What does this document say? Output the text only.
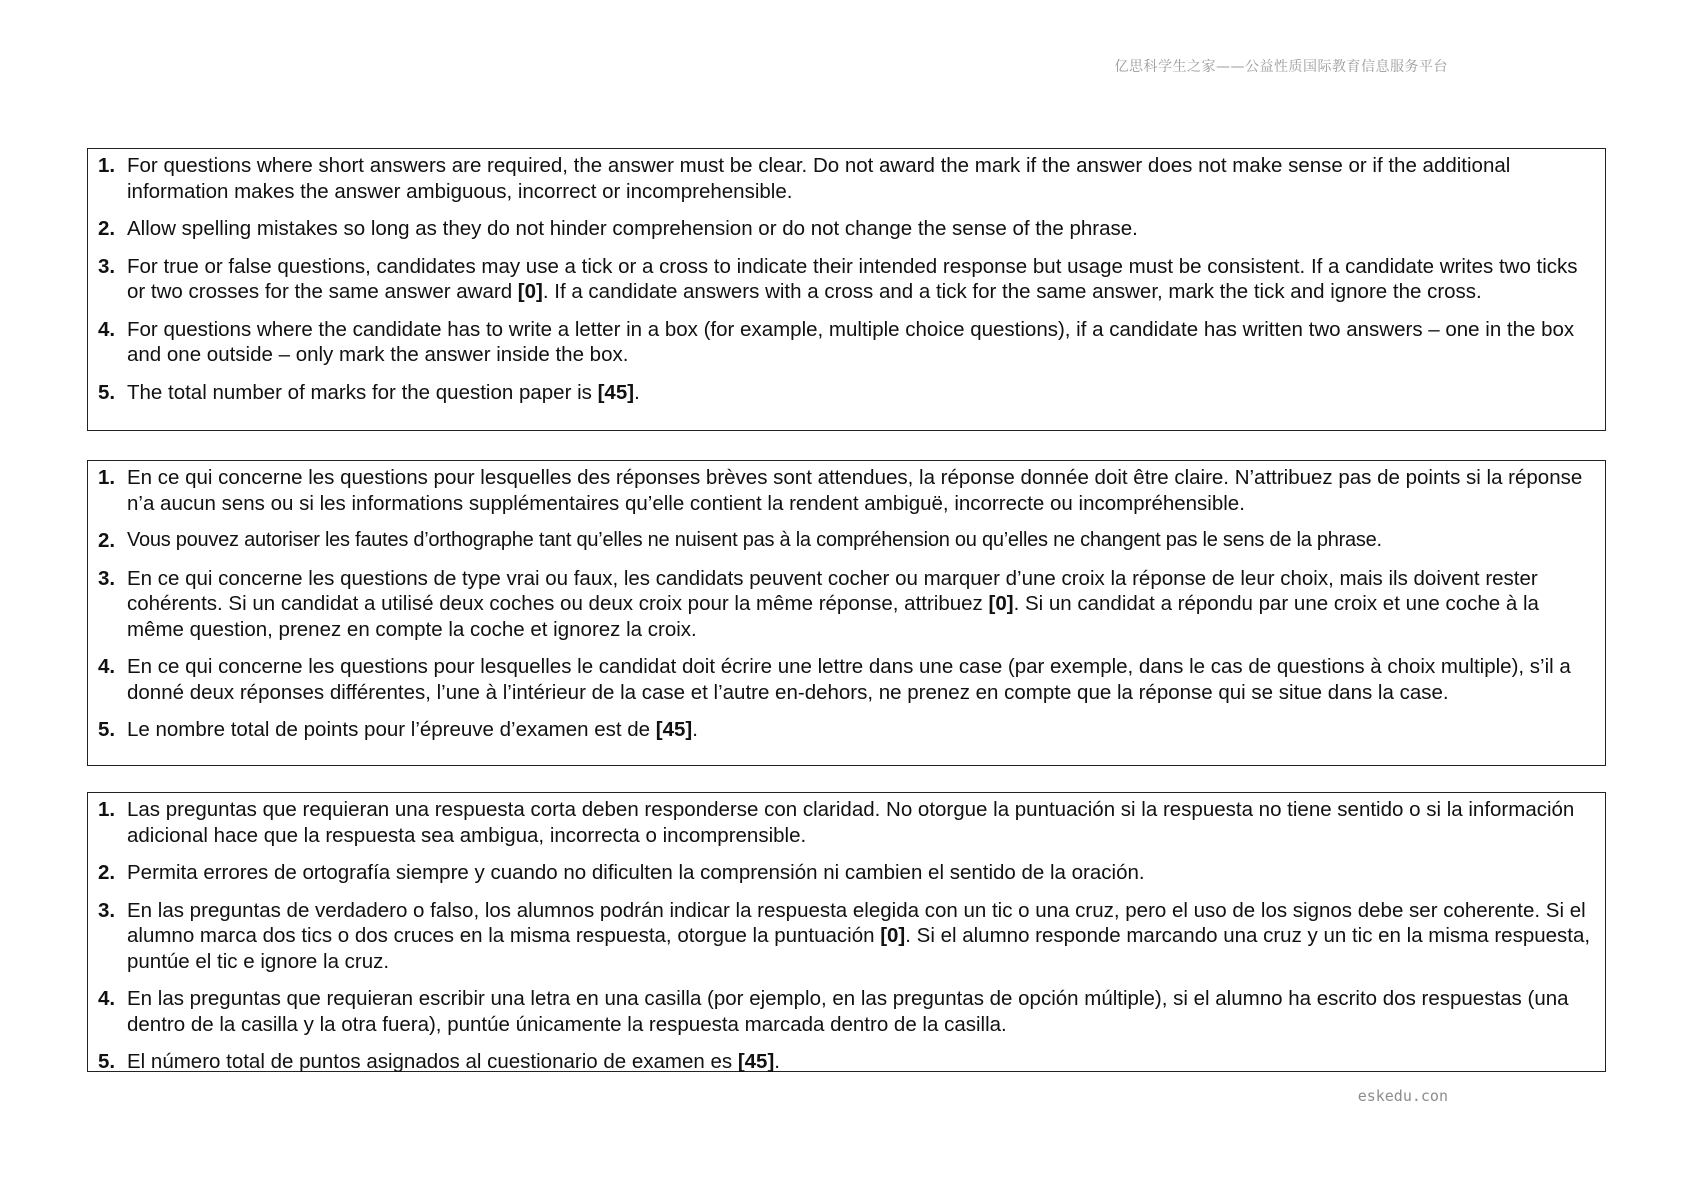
亿思科学生之家——公益性质国际教育信息服务平台
1. For questions where short answers are required, the answer must be clear. Do not award the mark if the answer does not make sense or if the additional information makes the answer ambiguous, incorrect or incomprehensible.
2. Allow spelling mistakes so long as they do not hinder comprehension or do not change the sense of the phrase.
3. For true or false questions, candidates may use a tick or a cross to indicate their intended response but usage must be consistent. If a candidate writes two ticks or two crosses for the same answer award [0]. If a candidate answers with a cross and a tick for the same answer, mark the tick and ignore the cross.
4. For questions where the candidate has to write a letter in a box (for example, multiple choice questions), if a candidate has written two answers – one in the box and one outside – only mark the answer inside the box.
5. The total number of marks for the question paper is [45].
1. En ce qui concerne les questions pour lesquelles des réponses brèves sont attendues, la réponse donnée doit être claire. N’attribuez pas de points si la réponse n’a aucun sens ou si les informations supplémentaires qu’elle contient la rendent ambiguë, incorrecte ou incompréhensible.
2. Vous pouvez autoriser les fautes d’orthographe tant qu’elles ne nuisent pas à la compréhension ou qu’elles ne changent pas le sens de la phrase.
3. En ce qui concerne les questions de type vrai ou faux, les candidats peuvent cocher ou marquer d’une croix la réponse de leur choix, mais ils doivent rester cohérents. Si un candidat a utilisé deux coches ou deux croix pour la même réponse, attribuez [0]. Si un candidat a répondu par une croix et une coche à la même question, prenez en compte la coche et ignorez la croix.
4. En ce qui concerne les questions pour lesquelles le candidat doit écrire une lettre dans une case (par exemple, dans le cas de questions à choix multiple), s’il a donné deux réponses différentes, l’une à l’intérieur de la case et l’autre en-dehors, ne prenez en compte que la réponse qui se situe dans la case.
5. Le nombre total de points pour l’épreuve d’examen est de [45].
1. Las preguntas que requieran una respuesta corta deben responderse con claridad. No otorgue la puntuación si la respuesta no tiene sentido o si la información adicional hace que la respuesta sea ambigua, incorrecta o incomprensible.
2. Permita errores de ortografía siempre y cuando no dificulten la comprensión ni cambien el sentido de la oración.
3. En las preguntas de verdadero o falso, los alumnos podrán indicar la respuesta elegida con un tic o una cruz, pero el uso de los signos debe ser coherente. Si el alumno marca dos tics o dos cruces en la misma respuesta, otorgue la puntuación [0]. Si el alumno responde marcando una cruz y un tic en la misma respuesta, puntúe el tic e ignore la cruz.
4. En las preguntas que requieran escribir una letra en una casilla (por ejemplo, en las preguntas de opción múltiple), si el alumno ha escrito dos respuestas (una dentro de la casilla y la otra fuera), puntúe únicamente la respuesta marcada dentro de la casilla.
5. El número total de puntos asignados al cuestionario de examen es [45].
eskedu.con
